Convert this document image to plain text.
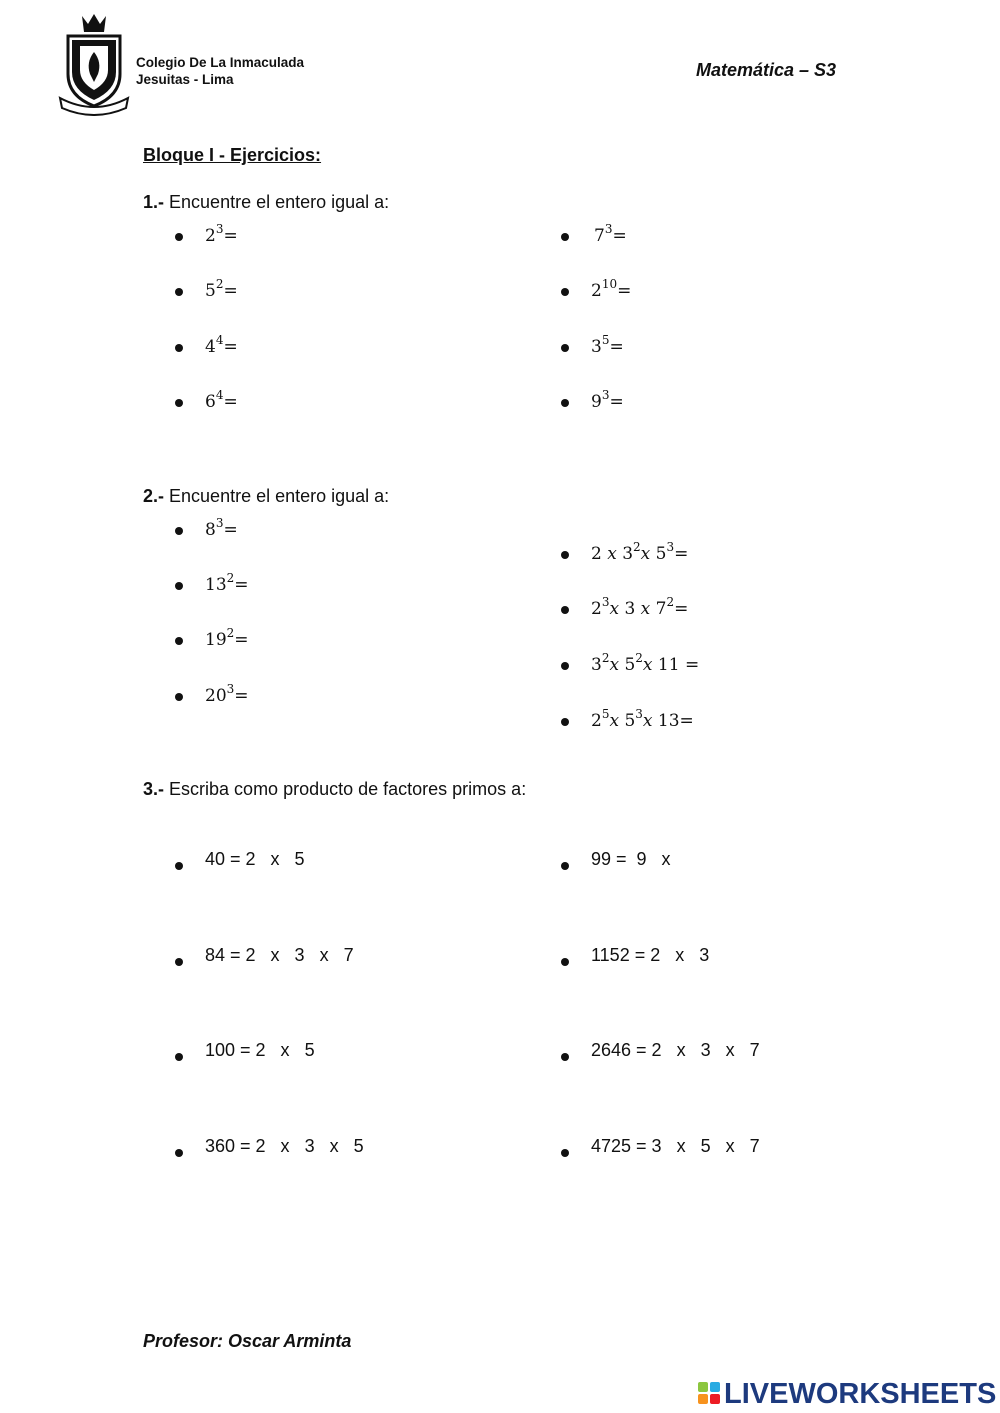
Colegio De La Inmaculada
Jesuitas - Lima	Matemática – S3
Bloque I - Ejercicios:
1.- Encuentre el entero igual a:
$2^3=$
$5^2=$
$4^4=$
$6^4=$
$7^3=$
$2^{10}=$
$3^5=$
$9^3=$
2.- Encuentre el entero igual a:
$8^3=$
$13^2=$
$19^2=$
$20^3=$
2 𝑥 $3^2𝑥$ $5^3=$
$2^3𝑥$ 3 𝑥 $7^2=$
$3^2𝑥$ $5^2𝑥$ 11 =
$2^5𝑥$ $5^3𝑥$ 13=
3.- Escriba como producto de factores primos a:
40 = 2   x   5
84 = 2   x   3   x   7
100 = 2   x   5
360 = 2   x   3   x   5
99 =  9   x
1152 = 2   x   3
2646 = 2   x   3   x   7
4725 = 3   x   5   x   7
Profesor: Oscar Arminta
LIVEWORKSHEETS
